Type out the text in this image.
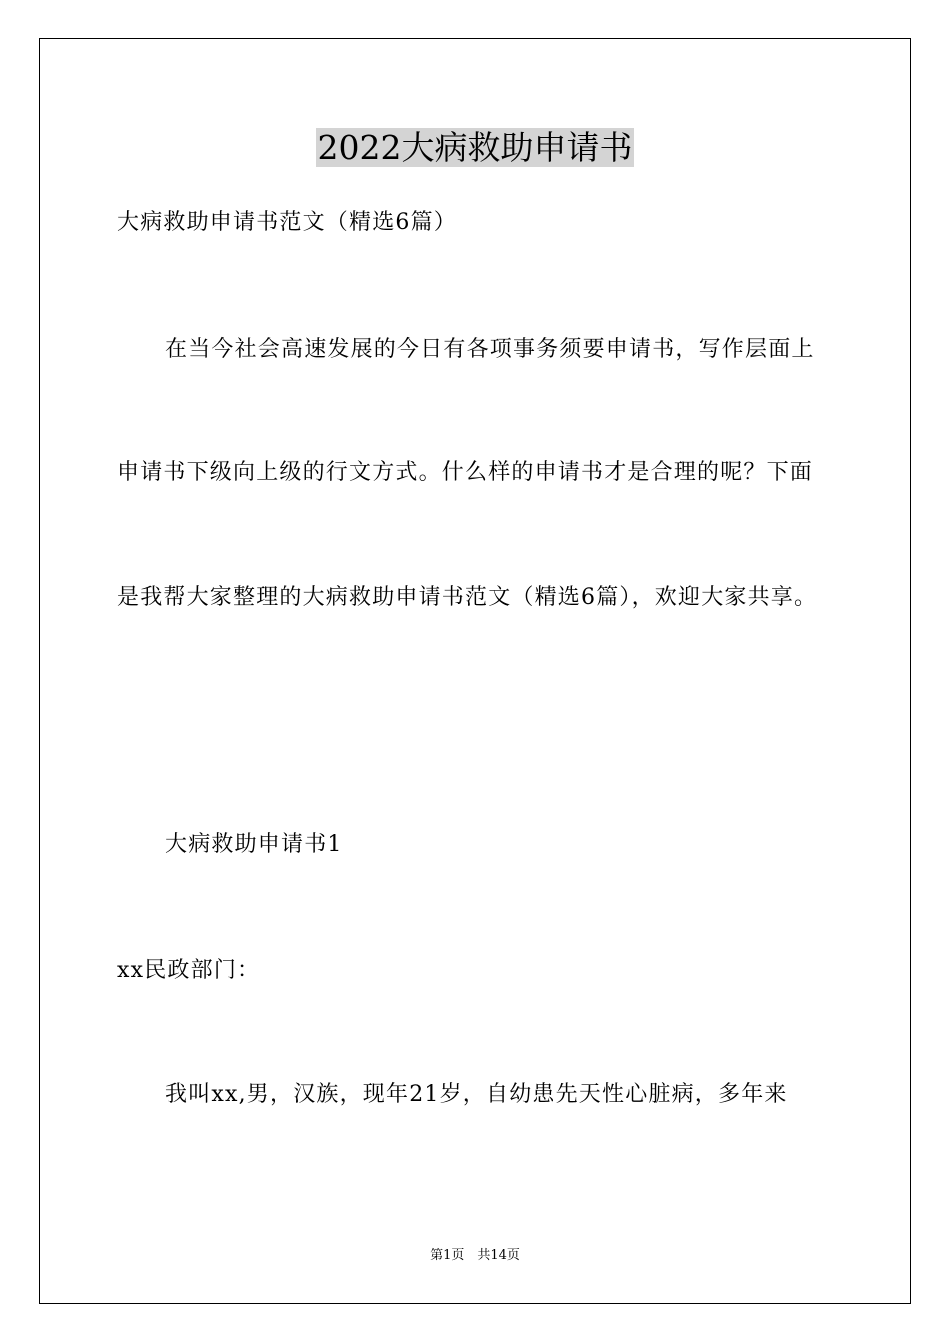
2022大病救助申请书
大病救助申请书范文（精选6篇）
在当今社会高速发展的今日有各项事务须要申请书，写作层面上
申请书下级向上级的行文方式。什么样的申请书才是合理的呢？下面
是我帮大家整理的大病救助申请书范文（精选6篇），欢迎大家共享。
大病救助申请书1
xx民政部门：
我叫xx,男，汉族，现年21岁，自幼患先天性心脏病，多年来
第1页　共14页
